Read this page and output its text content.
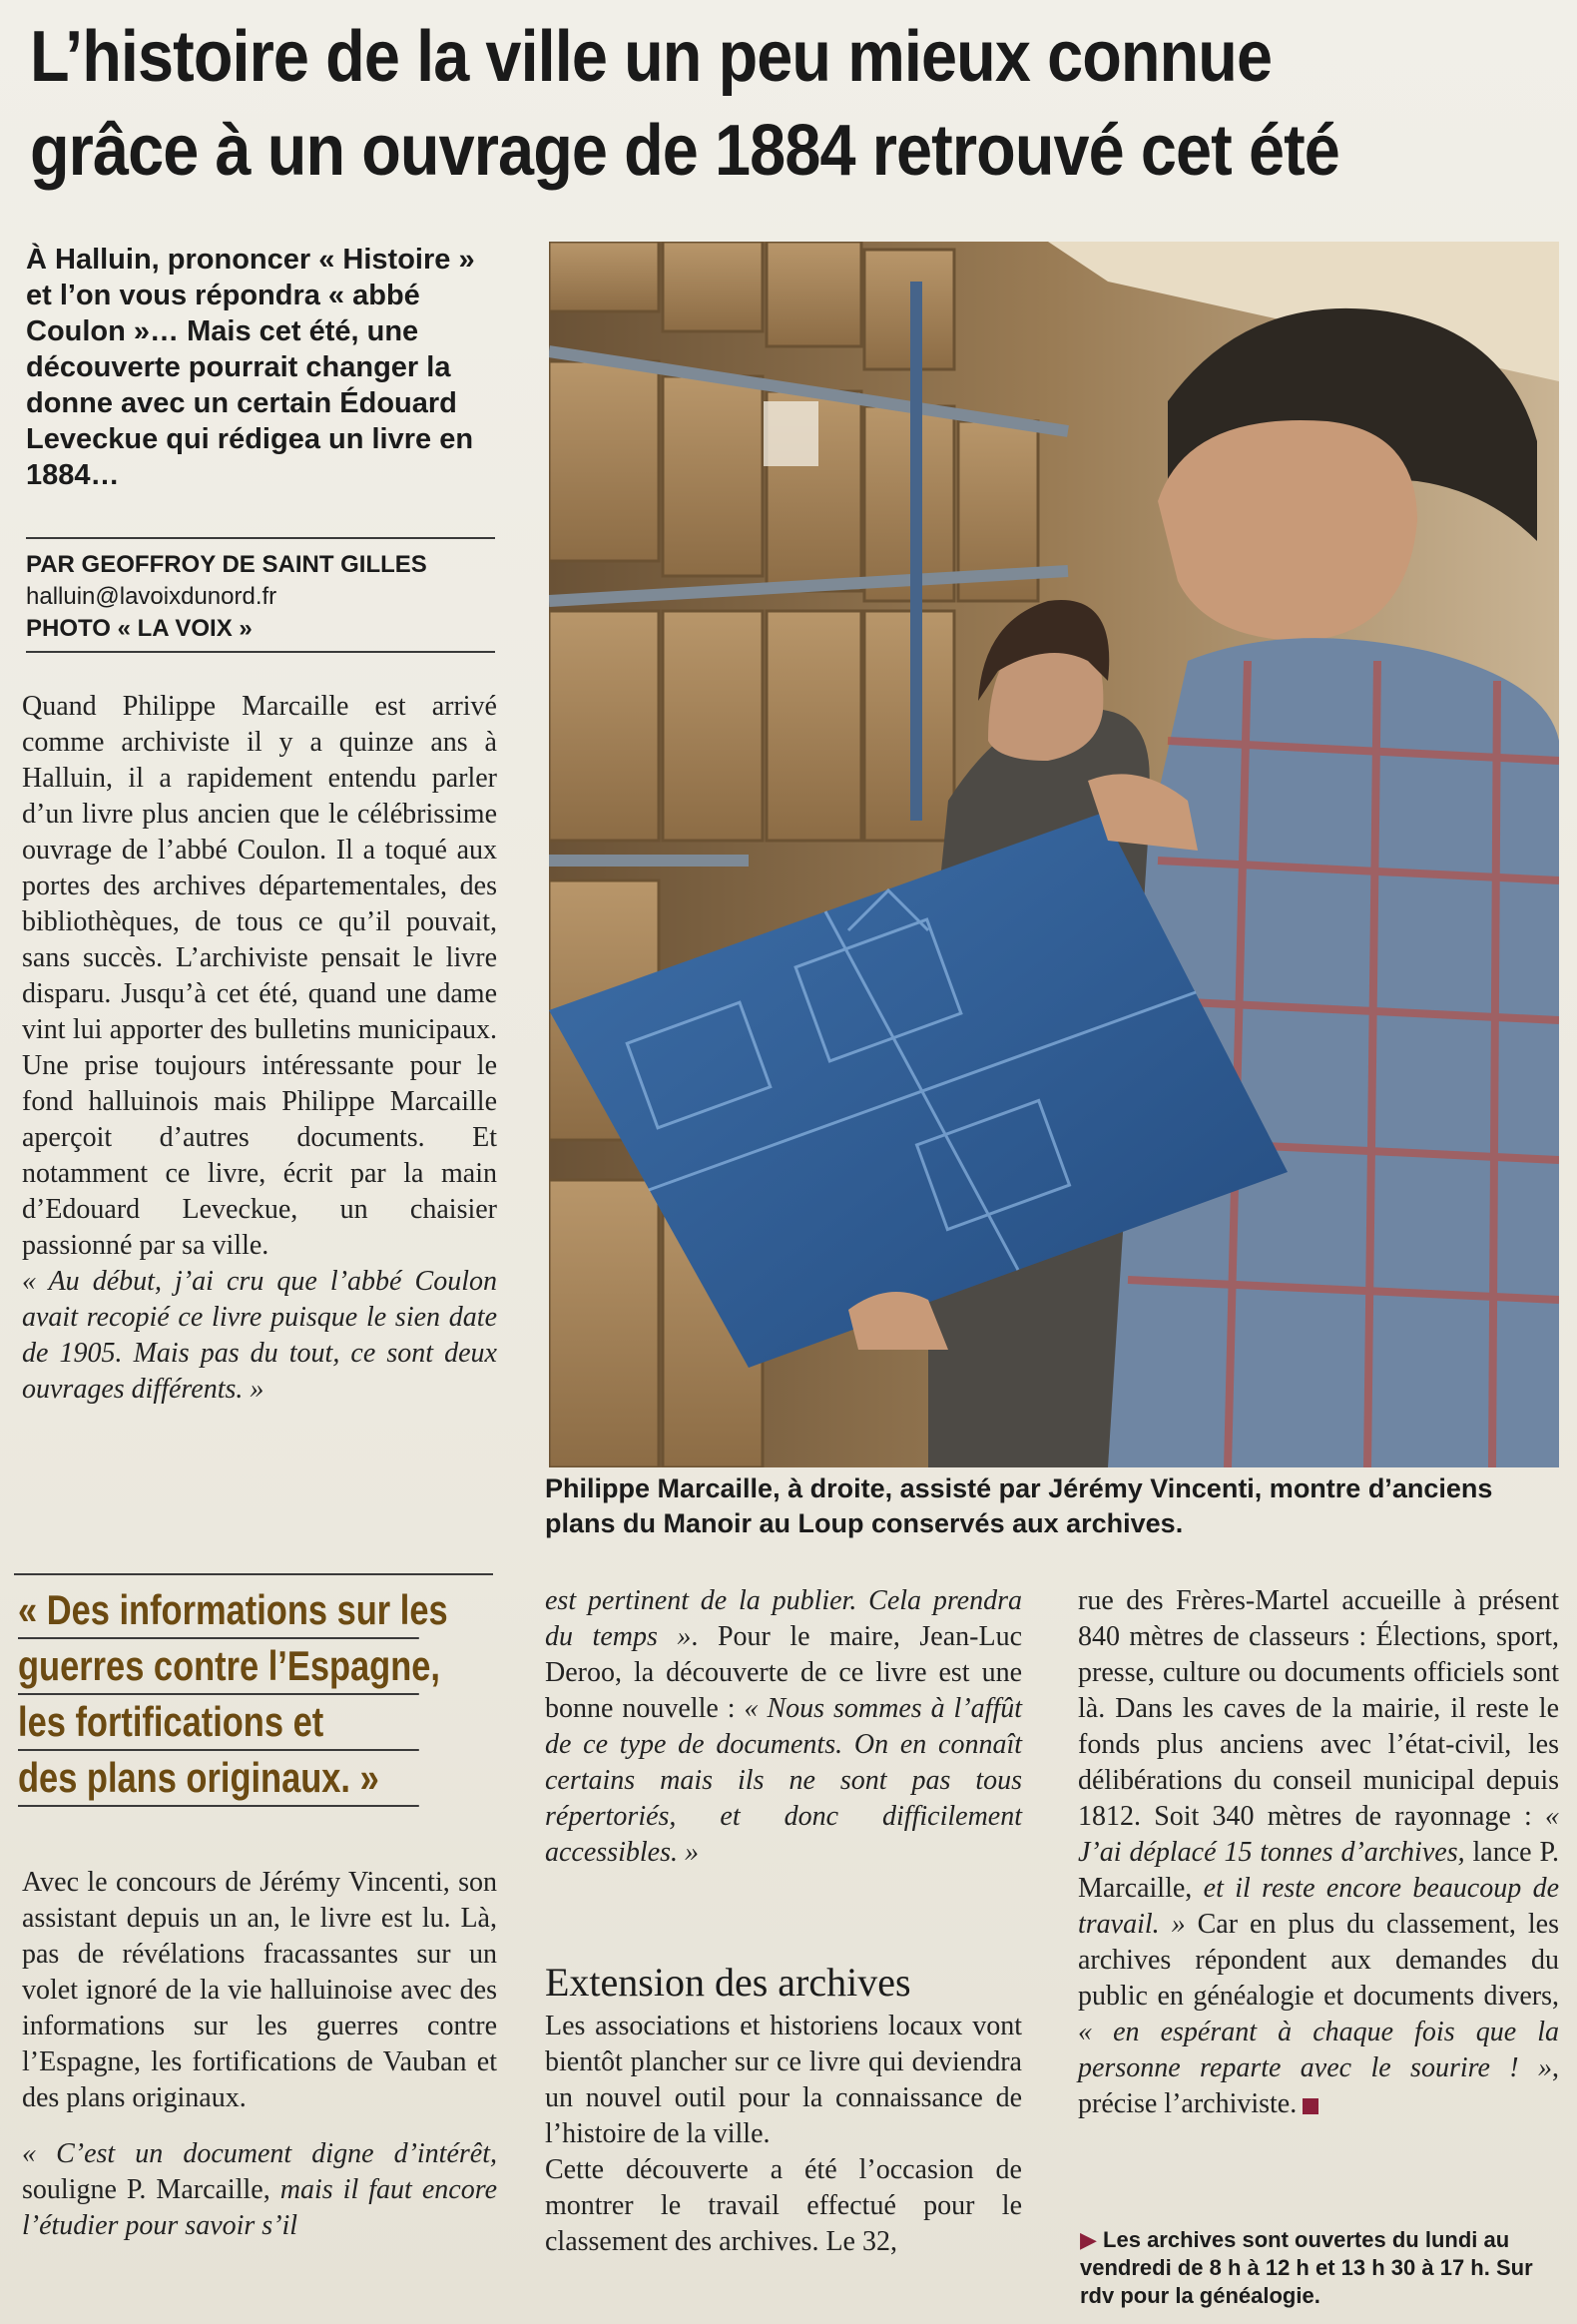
L’histoire de la ville un peu mieux connue
grâce à un ouvrage de 1884 retrouvé cet été
À Halluin, prononcer « Histoire » et l’on vous répondra « abbé Coulon »… Mais cet été, une découverte pourrait changer la donne avec un certain Édouard Leveckue qui rédigea un livre en 1884…
PAR GEOFFROY DE SAINT GILLES
halluin@lavoixdunord.fr
PHOTO « LA VOIX »

Quand Philippe Marcaille est arrivé comme archiviste il y a quinze ans à Halluin, il a rapidement entendu parler d’un livre plus ancien que le célébrissime ouvrage de l’abbé Coulon. Il a toqué aux portes des archives départementales, des bibliothèques, de tous ce qu’il pouvait, sans succès. L’archiviste pensait le livre disparu. Jusqu’à cet été, quand une dame vint lui apporter des bulletins municipaux. Une prise toujours intéressante pour le fond halluinois mais Philippe Marcaille aperçoit d’autres documents. Et notamment ce livre, écrit par la main d’Edouard Leveckue, un chaisier passionné par sa ville.

« Au début, j’ai cru que l’abbé Coulon avait recopié ce livre puisque le sien date de 1905. Mais pas du tout, ce sont deux ouvrages différents. »

« Des informations sur les
guerres contre l’Espagne,
les fortifications et
des plans originaux. »

Avec le concours de Jérémy Vincenti, son assistant depuis un an, le livre est lu. Là, pas de révélations fracassantes sur un volet ignoré de la vie halluinoise avec des informations sur les guerres contre l’Espagne, les fortifications de Vauban et des plans originaux.

« C’est un document digne d’intérêt, souligne P. Marcaille, mais il faut encore l’étudier pour savoir s’il

Philippe Marcaille, à droite, assisté par Jérémy Vincenti, montre d’anciens plans du Manoir au Loup conservés aux archives.

est pertinent de la publier. Cela prendra du temps ». Pour le maire, Jean-Luc Deroo, la découverte de ce livre est une bonne nouvelle : « Nous sommes à l’affût de ce type de documents. On en connaît certains mais ils ne sont pas tous répertoriés, et donc difficilement accessibles. »

Extension des archives

Les associations et historiens locaux vont bientôt plancher sur ce livre qui deviendra un nouvel outil pour la connaissance de l’histoire de la ville.

Cette découverte a été l’occasion de montrer le travail effectué pour le classement des archives. Le 32,

rue des Frères-Martel accueille à présent 840 mètres de classeurs : Élections, sport, presse, culture ou documents officiels sont là. Dans les caves de la mairie, il reste le fonds plus anciens avec l’état-civil, les délibérations du conseil municipal depuis 1812. Soit 340 mètres de rayonnage : « J’ai déplacé 15 tonnes d’archives, lance P. Marcaille, et il reste encore beaucoup de travail. » Car en plus du classement, les archives répondent aux demandes du public en généalogie et documents divers, « en espérant à chaque fois que la personne reparte avec le sourire ! », précise l’archiviste.

▶ Les archives sont ouvertes du lundi au vendredi de 8 h à 12 h et 13 h 30 à 17 h. Sur rdv pour la généalogie.
